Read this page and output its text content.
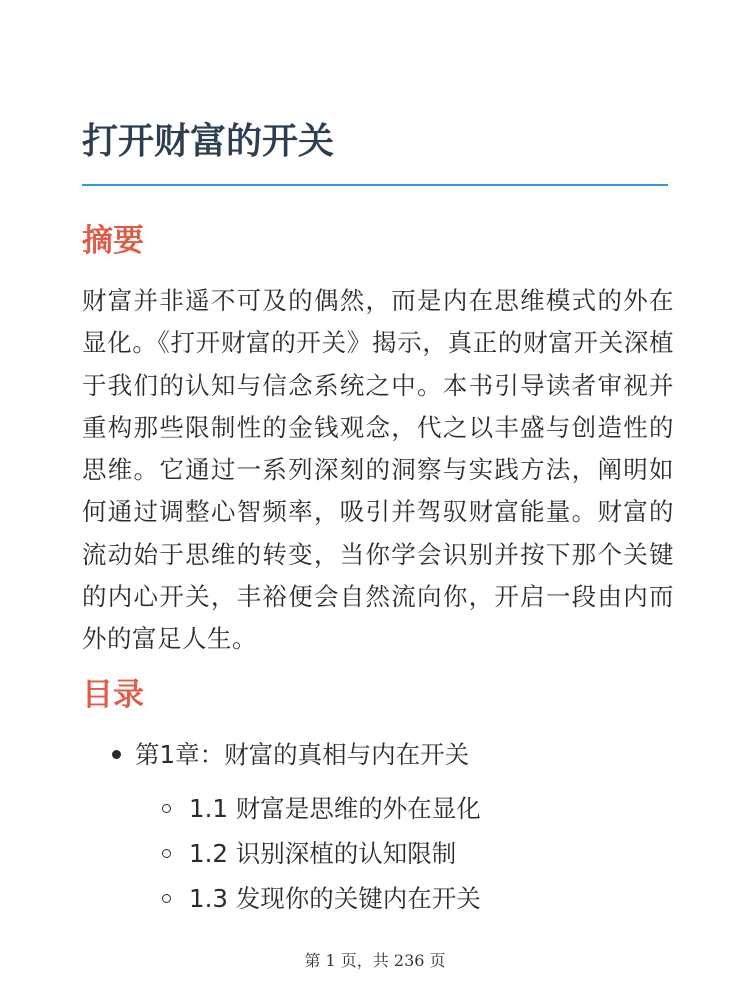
打开财富的开关
摘要

财富并非遥不可及的偶然，而是内在思维模式的外在显化。《打开财富的开关》揭示，真正的财富开关深植于我们的认知与信念系统之中。本书引导读者审视并重构那些限制性的金钱观念，代之以丰盛与创造性的思维。它通过一系列深刻的洞察与实践方法，阐明如何通过调整心智频率，吸引并驾驭财富能量。财富的流动始于思维的转变，当你学会识别并按下那个关键的内心开关，丰裕便会自然流向你，开启一段由内而外的富足人生。

目录
第1章：财富的真相与内在开关
1.1 财富是思维的外在显化
1.2 识别深植的认知限制
1.3 发现你的关键内在开关
第 1 页，共 236 页
